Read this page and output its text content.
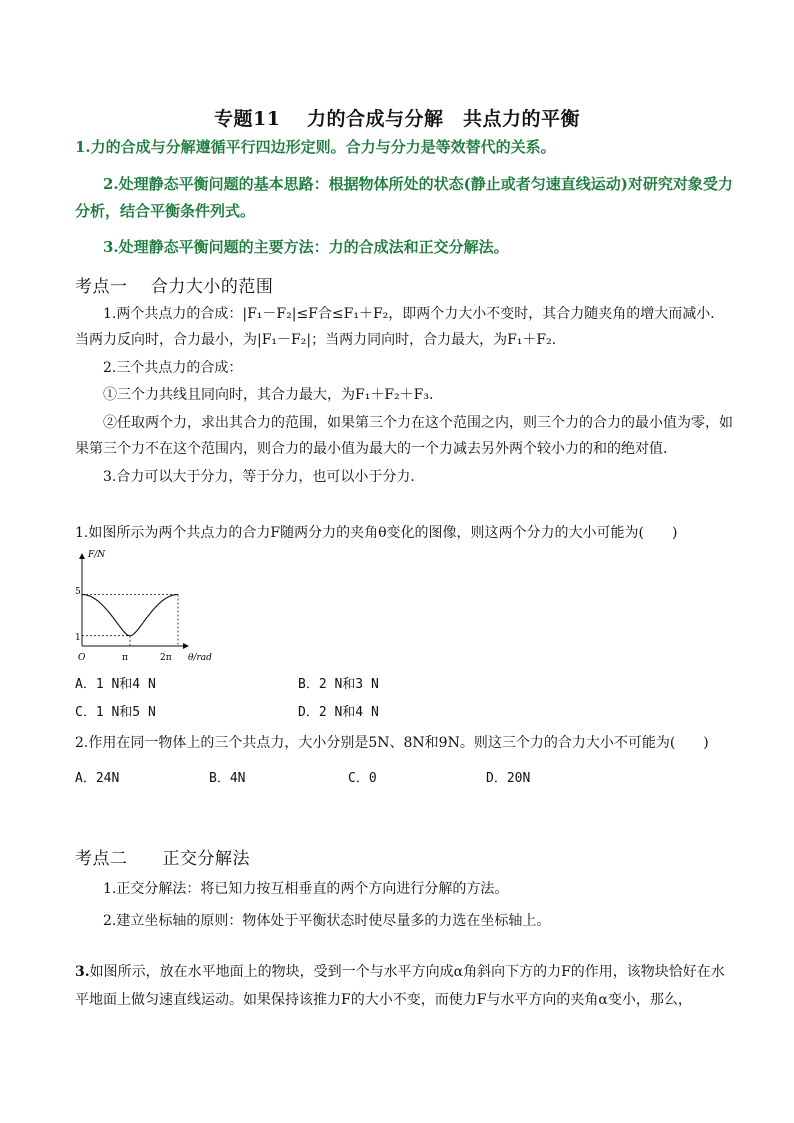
专题11　 力的合成与分解　共点力的平衡
1.力的合成与分解遵循平行四边形定则。合力与分力是等效替代的关系。
2.处理静态平衡问题的基本思路：根据物体所处的状态(静止或者匀速直线运动)对研究对象受力分析，结合平衡条件列式。
3.处理静态平衡问题的主要方法：力的合成法和正交分解法。
考点一　 合力大小的范围
1.两个共点力的合成：|F₁－F₂|≤F合≤F₁＋F₂，即两个力大小不变时，其合力随夹角的增大而减小．当两力反向时，合力最小，为|F₁－F₂|；当两力同向时，合力最大，为F₁＋F₂.
2.三个共点力的合成：
①三个力共线且同向时，其合力最大，为F₁＋F₂＋F₃.
②任取两个力，求出其合力的范围，如果第三个力在这个范围之内，则三个力的合力的最小值为零，如果第三个力不在这个范围内，则合力的最小值为最大的一个力减去另外两个较小力的和的绝对值．
3.合力可以大于分力，等于分力，也可以小于分力．
1.如图所示为两个共点力的合力F随两分力的夹角θ变化的图像，则这两个分力的大小可能为(　　)
F/N
θ/rad
O
1
5
π	2π
A．1 N和4 N	B．2 N和3 N
C．1 N和5 N	D．2 N和4 N
2.作用在同一物体上的三个共点力，大小分别是5N、8N和9N。则这三个力的合力大小不可能为(　　)
A．24N	B．4N	C．0	D．20N
考点二　　正交分解法
1.正交分解法：将已知力按互相垂直的两个方向进行分解的方法。
2.建立坐标轴的原则：物体处于平衡状态时使尽量多的力选在坐标轴上。
3.如图所示，放在水平地面上的物块，受到一个与水平方向成α角斜向下方的力F的作用，该物块恰好在水平地面上做匀速直线运动。如果保持该推力F的大小不变，而使力F与水平方向的夹角α变小，那么，
